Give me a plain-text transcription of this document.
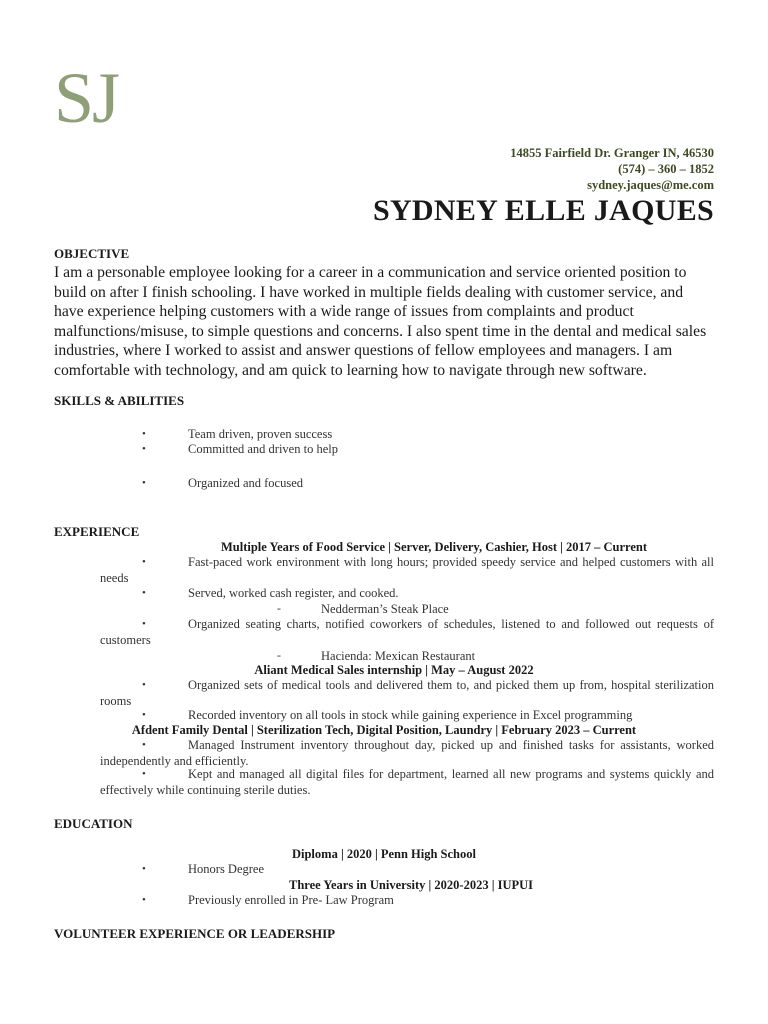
SJ
14855 Fairfield Dr. Granger IN, 46530
(574) – 360 – 1852
sydney.jaques@me.com
SYDNEY ELLE JAQUES
OBJECTIVE
I am a personable employee looking for a career in a communication and service oriented position to build on after I finish schooling. I have worked in multiple fields dealing with customer service, and have experience helping customers with a wide range of issues from complaints and product malfunctions/misuse, to simple questions and concerns. I also spent time in the dental and medical sales industries, where I worked to assist and answer questions of fellow employees and managers. I am comfortable with technology, and am quick to learning how to navigate through new software.
SKILLS & ABILITIES
•	Team driven, proven success
•	Committed and driven to help
•	Organized and focused
EXPERIENCE
Multiple Years of Food Service | Server, Delivery, Cashier, Host | 2017 – Current
•	Fast-paced work environment with long hours; provided speedy service and helped customers with all needs
•	Served, worked cash register, and cooked.
-	Nedderman’s Steak Place
•	Organized seating charts, notified coworkers of schedules, listened to and followed out requests of customers
-	Hacienda: Mexican Restaurant
Aliant Medical Sales internship | May – August 2022
•	Organized sets of medical tools and delivered them to, and picked them up from, hospital sterilization rooms
•	Recorded inventory on all tools in stock while gaining experience in Excel programming
Afdent Family Dental | Sterilization Tech, Digital Position, Laundry | February 2023 – Current
•	Managed Instrument inventory throughout day, picked up and finished tasks for assistants, worked independently and efficiently.
•	Kept and managed all digital files for department, learned all new programs and systems quickly and effectively while continuing sterile duties.
EDUCATION
Diploma | 2020 | Penn High School
•	Honors Degree
Three Years in University | 2020-2023 | IUPUI
•	Previously enrolled in Pre- Law Program
VOLUNTEER EXPERIENCE OR LEADERSHIP
